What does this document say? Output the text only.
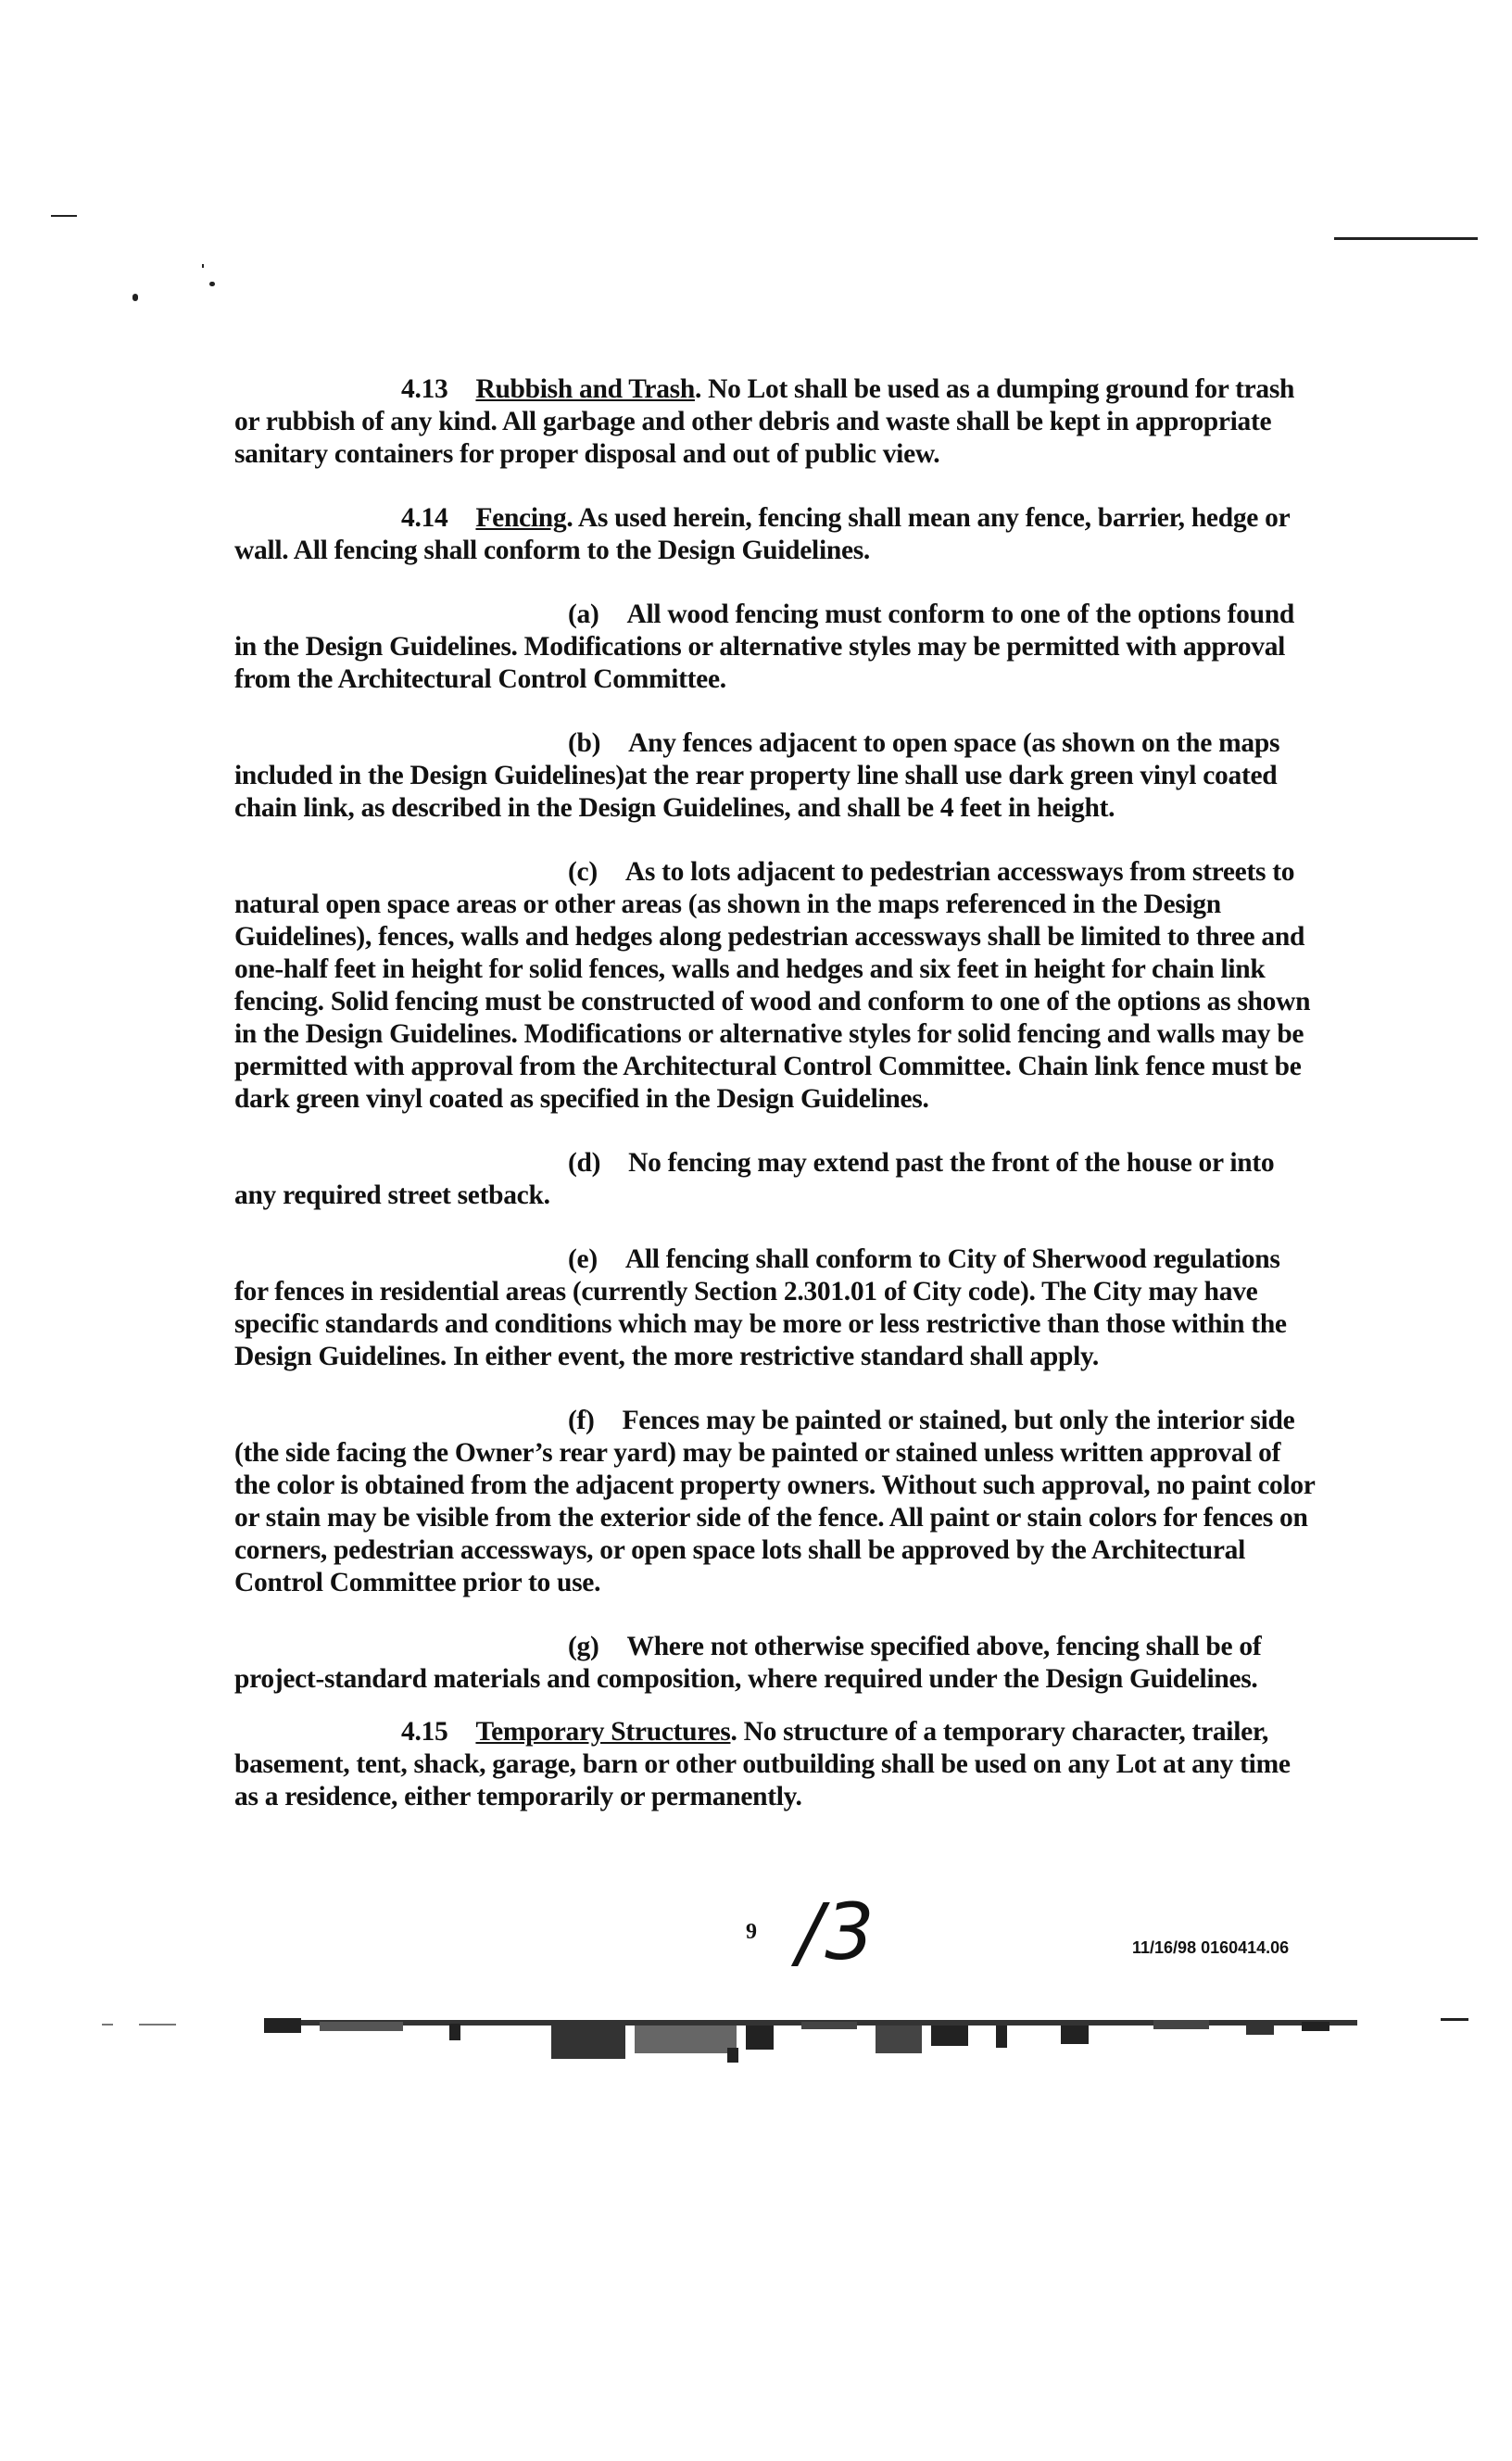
4.13 Rubbish and Trash. No Lot shall be used as a dumping ground for trash or rubbish of any kind. All garbage and other debris and waste shall be kept in appropriate sanitary containers for proper disposal and out of public view.

4.14 Fencing. As used herein, fencing shall mean any fence, barrier, hedge or wall. All fencing shall conform to the Design Guidelines.

(a) All wood fencing must conform to one of the options found in the Design Guidelines. Modifications or alternative styles may be permitted with approval from the Architectural Control Committee.

(b) Any fences adjacent to open space (as shown on the maps included in the Design Guidelines)at the rear property line shall use dark green vinyl coated chain link, as described in the Design Guidelines, and shall be 4 feet in height.

(c) As to lots adjacent to pedestrian accessways from streets to natural open space areas or other areas (as shown in the maps referenced in the Design Guidelines), fences, walls and hedges along pedestrian accessways shall be limited to three and one-half feet in height for solid fences, walls and hedges and six feet in height for chain link fencing. Solid fencing must be constructed of wood and conform to one of the options as shown in the Design Guidelines. Modifications or alternative styles for solid fencing and walls may be permitted with approval from the Architectural Control Committee. Chain link fence must be dark green vinyl coated as specified in the Design Guidelines.

(d) No fencing may extend past the front of the house or into any required street setback.

(e) All fencing shall conform to City of Sherwood regulations for fences in residential areas (currently Section 2.301.01 of City code). The City may have specific standards and conditions which may be more or less restrictive than those within the Design Guidelines. In either event, the more restrictive standard shall apply.

(f) Fences may be painted or stained, but only the interior side (the side facing the Owner’s rear yard) may be painted or stained unless written approval of the color is obtained from the adjacent property owners. Without such approval, no paint color or stain may be visible from the exterior side of the fence. All paint or stain colors for fences on corners, pedestrian accessways, or open space lots shall be approved by the Architectural Control Committee prior to use.

(g) Where not otherwise specified above, fencing shall be of project-standard materials and composition, where required under the Design Guidelines.

4.15 Temporary Structures. No structure of a temporary character, trailer, basement, tent, shack, garage, barn or other outbuilding shall be used on any Lot at any time as a residence, either temporarily or permanently.

9 /3	11/16/98 0160414.06
